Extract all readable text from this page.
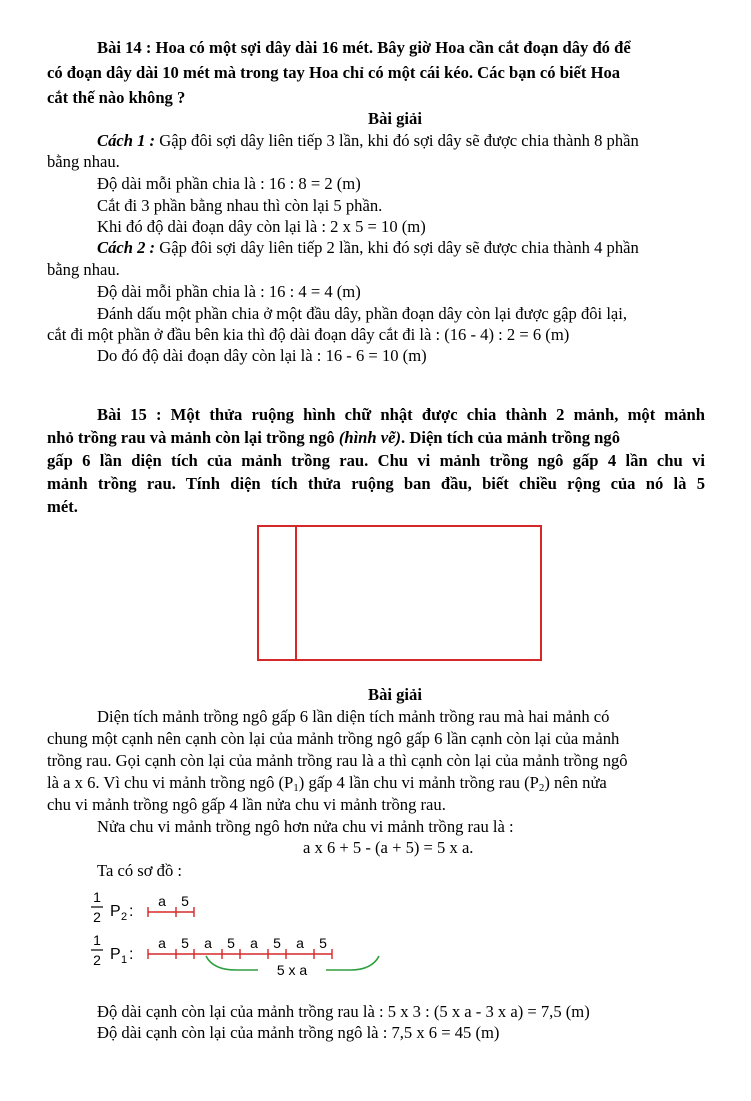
Bài 14 : Hoa có một sợi dây dài 16 mét. Bây giờ Hoa cần cắt đoạn dây đó để
có đoạn dây dài 10 mét mà trong tay Hoa chỉ có một cái kéo. Các bạn có biết Hoa
cắt thế nào không ?
Bài giải
Cách 1 : Gập đôi sợi dây liên tiếp 3 lần, khi đó sợi dây sẽ được chia thành 8 phần
bằng nhau.
Độ dài mỗi phần chia là : 16 : 8 = 2 (m)
Cắt đi 3 phần bằng nhau thì còn lại 5 phần.
Khi đó độ dài đoạn dây còn lại là : 2 x 5 = 10 (m)
Cách 2 : Gập đôi sợi dây liên tiếp 2 lần, khi đó sợi dây sẽ được chia thành 4 phần
bằng nhau.
Độ dài mỗi phần chia là : 16 : 4 = 4 (m)
Đánh dấu một phần chia ở một đầu dây, phần đoạn dây còn lại được gập đôi lại,
cắt đi một phần ở đầu bên kia thì độ dài đoạn dây cắt đi là : (16 - 4) : 2 = 6 (m)
Do đó độ dài đoạn dây còn lại là : 16 - 6 = 10 (m)
Bài 15 : Một thửa ruộng hình chữ nhật được chia thành 2 mảnh, một mảnh
nhỏ trồng rau và mảnh còn lại trồng ngô (hình vẽ). Diện tích của mảnh trồng ngô
gấp 6 lần diện tích của mảnh trồng rau. Chu vi mảnh trồng ngô gấp 4 lần chu vi
mảnh trồng rau. Tính diện tích thửa ruộng ban đầu, biết chiều rộng của nó là 5
mét.
Bài giải
Diện tích mảnh trồng ngô gấp 6 lần diện tích mảnh trồng rau mà hai mảnh có
chung một cạnh nên cạnh còn lại của mảnh trồng ngô gấp 6 lần cạnh còn lại của mảnh
trồng rau. Gọi cạnh còn lại của mảnh trồng rau là a thì cạnh còn lại của mảnh trồng ngô
là a x 6. Vì chu vi mảnh trồng ngô $(P_1)$ gấp 4 lần chu vi mảnh trồng rau $(P_2)$ nên nửa
chu vi mảnh trồng ngô gấp 4 lần nửa chu vi mảnh trồng rau.
Nửa chu vi mảnh trồng ngô hơn nửa chu vi mảnh trồng rau là :
a x 6 + 5 - (a + 5) = 5 x a.
Ta có sơ đồ :
1
2 P 2 :
a 5
1
2 P 1 :
a 5 a 5 a 5 a 5
5 x a
Độ dài cạnh còn lại của mảnh trồng rau là : 5 x 3 : (5 x a - 3 x a) = 7,5 (m)
Độ dài cạnh còn lại của mảnh trồng ngô là : 7,5 x 6 = 45 (m)
